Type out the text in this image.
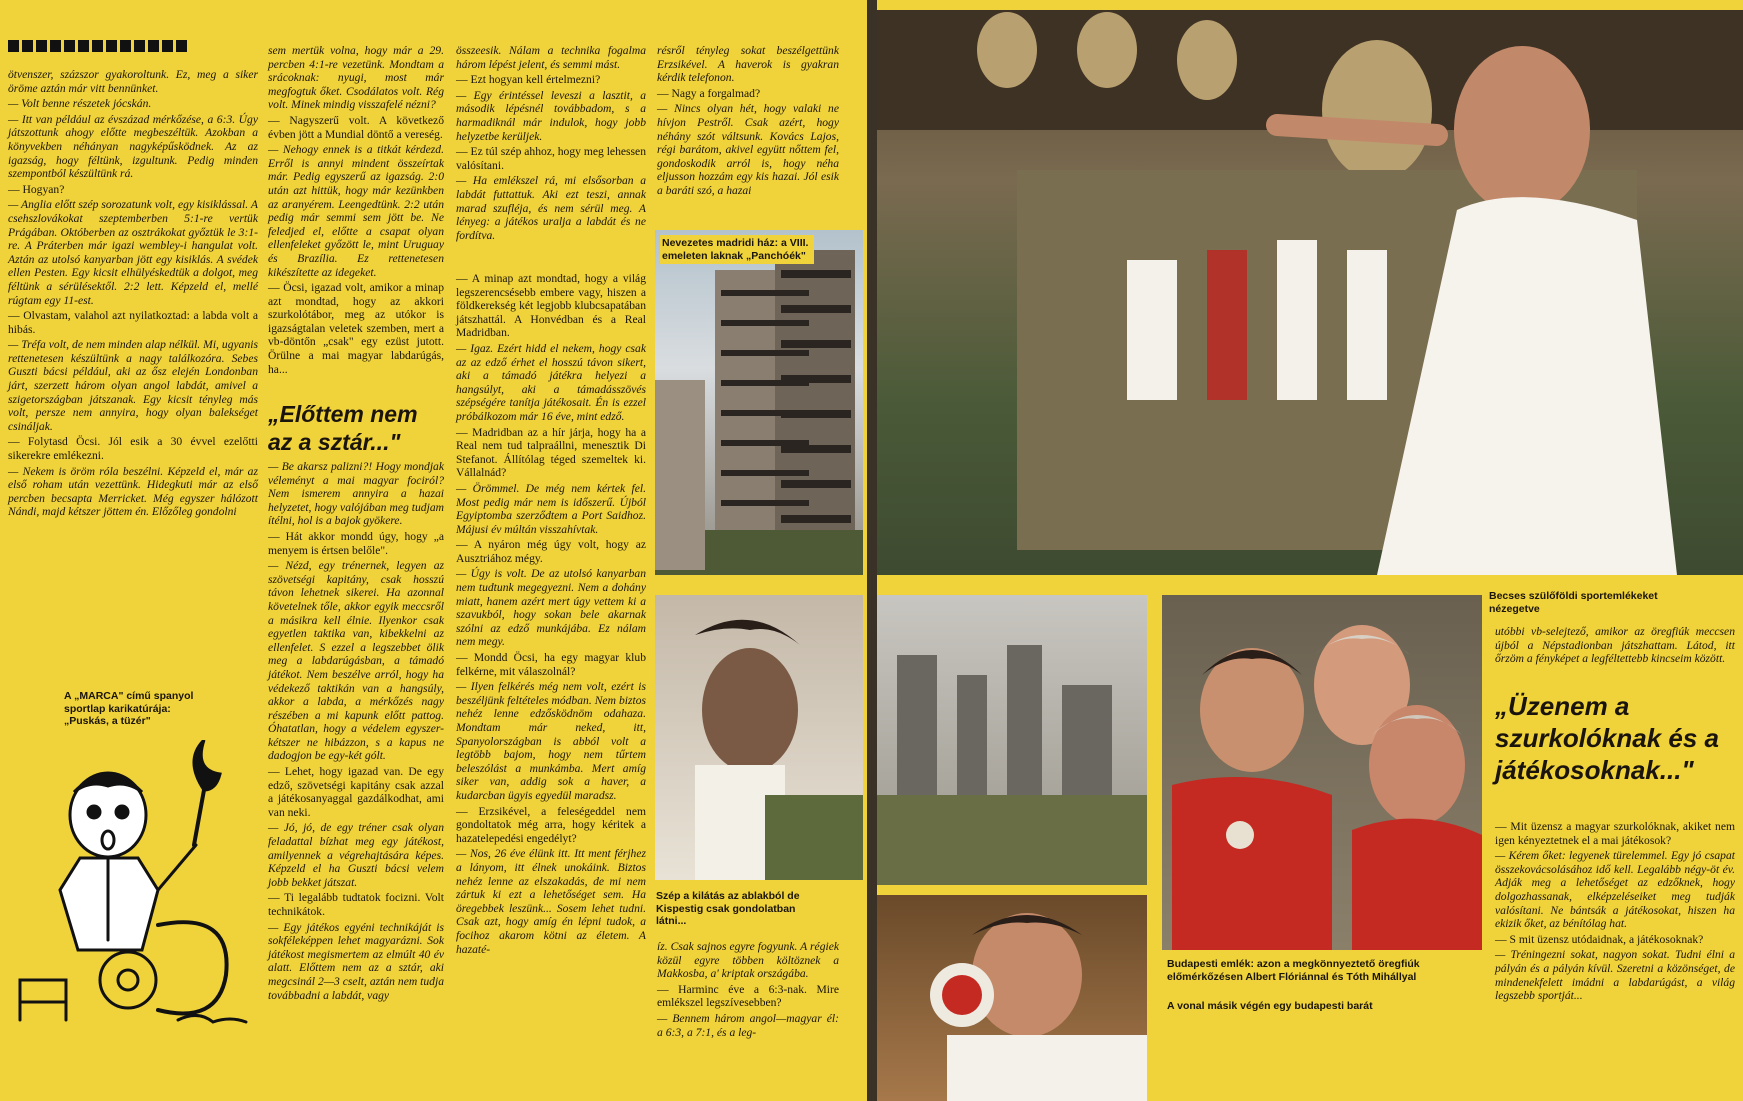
ötvenszer, százszor gyakoroltunk. Ez, meg a siker öröme aztán már vitt bennünket.

— Volt benne részetek jócskán.

— Itt van például az évszázad mérkőzése, a 6:3. Úgy játszottunk ahogy előtte megbeszéltük. Azokban a könyvekben néhányan nagyképűsködnek. Az az igazság, hogy féltünk, izgultunk. Pedig minden szempontból készültünk rá.

— Hogyan?

— Anglia előtt szép sorozatunk volt, egy kisiklással. A csehszlovákokat szeptemberben 5:1-re vertük Prágában. Októberben az osztrákokat győztük le 3:1-re. A Práterben már igazi wembley-i hangulat volt. Aztán az utolsó kanyarban jött egy kisiklás. A svédek ellen Pesten. Egy kicsit elhülyéskedtük a dolgot, meg féltünk a sérülésektől. 2:2 lett. Képzeld el, mellé rúgtam egy 11-est.

— Olvastam, valahol azt nyilatkoztad: a labda volt a hibás.

— Tréfa volt, de nem minden alap nélkül. Mi, ugyanis rettenetesen készültünk a nagy találkozóra. Sebes Guszti bácsi például, aki az ősz elején Londonban járt, szerzett három olyan angol labdát, amivel a szigetországban játszanak. Egy kicsit tényleg más volt, persze nem annyira, hogy olyan balekséget csináljak.

— Folytasd Öcsi. Jól esik a 30 évvel ezelőtti sikerekre emlékezni.

— Nekem is öröm róla beszélni. Képzeld el, már az első roham után vezettünk. Hidegkuti már az első percben becsapta Merricket. Még egyszer hálózott Nándi, majd kétszer jöttem én. Előzőleg gondolni

A „MARCA" című spanyol sportlap karikatúrája: „Puskás, a tüzér"

sem mertük volna, hogy már a 29. percben 4:1-re vezetünk. Mondtam a srácoknak: nyugi, most már megfogtuk őket. Csodálatos volt. Rég volt. Minek mindig visszafelé nézni?

— Nagyszerű volt. A következő évben jött a Mundial döntő a vereség.

— Nehogy ennek is a titkát kérdezd. Erről is annyi mindent összeírtak már. Pedig egyszerű az igazság. 2:0 után azt hittük, hogy már kezünkben az aranyérem. Leengedtünk. 2:2 után pedig már semmi sem jött be. Ne feledjed el, előtte a csapat olyan ellenfeleket győzött le, mint Uruguay és Brazília. Ez rettenetesen kikészítette az idegeket.

— Öcsi, igazad volt, amikor a minap azt mondtad, hogy az akkori szurkolótábor, meg az utókor is igazságtalan veletek szemben, mert a vb-döntőn „csak" egy ezüst jutott. Örülne a mai magyar labdarúgás, ha...

„Előttem nem az a sztár..."

— Be akarsz palizni?! Hogy mondjak véleményt a mai magyar fociról? Nem ismerem annyira a hazai helyzetet, hogy valójában meg tudjam ítélni, hol is a bajok gyökere.

— Hát akkor mondd úgy, hogy „a menyem is értsen belőle".

— Nézd, egy trénernek, legyen az szövetségi kapitány, csak hosszú távon lehetnek sikerei. Ha azonnal követelnek tőle, akkor egyik meccsről a másikra kell élnie. Ilyenkor csak egyetlen taktika van, kibekkelni az ellenfelet. S ezzel a legszebbet ölik meg a labdarúgásban, a támadó játékot. Nem beszélve arról, hogy ha védekező taktikán van a hangsúly, akkor a labda, a mérkőzés nagy részében a mi kapunk előtt pattog. Óhatatlan, hogy a védelem egyszer-kétszer ne hibázzon, s a kapus ne dadogjon be egy-két gólt.

— Lehet, hogy igazad van. De egy edző, szövetségi kapitány csak azzal a játékosanyaggal gazdálkodhat, ami van neki.

— Jó, jó, de egy tréner csak olyan feladattal bízhat meg egy játékost, amilyennek a végrehajtására képes. Képzeld el ha Guszti bácsi velem jobb bekket játszat.

— Ti legalább tudtatok focizni. Volt technikátok.

— Egy játékos egyéni technikáját is sokféleképpen lehet magyarázni. Sok játékost megismertem az elmúlt 40 év alatt. Előttem nem az a sztár, aki megcsinál 2—3 cselt, aztán nem tudja továbbadni a labdát, vagy

összeesik. Nálam a technika fogalma három lépést jelent, és semmi mást.

— Ezt hogyan kell értelmezni?

— Egy érintéssel leveszi a lasztit, a második lépésnél továbbadom, s a harmadiknál már indulok, hogy jobb helyzetbe kerüljek.

— Ez túl szép ahhoz, hogy meg lehessen valósítani.

— Ha emlékszel rá, mi elsősorban a labdát futtattuk. Aki ezt teszi, annak marad szufléja, és nem sérül meg. A lényeg: a játékos uralja a labdát és ne fordítva.

— A minap azt mondtad, hogy a világ legszerencsésebb embere vagy, hiszen a földkerekség két legjobb klubcsapatában játszhattál. A Honvédban és a Real Madridban.

— Igaz. Ezért hidd el nekem, hogy csak az az edző érhet el hosszú távon sikert, aki a támadó játékra helyezi a hangsúlyt, aki a támadásszövés szépségére tanítja játékosait. Én is ezzel próbálkozom már 16 éve, mint edző.

— Madridban az a hír járja, hogy ha a Real nem tud talpraállni, menesztik Di Stefanot. Állítólag téged szemeltek ki. Vállalnád?

— Örömmel. De még nem kértek fel. Most pedig már nem is időszerű. Újból Egyiptomba szerződtem a Port Saidhoz. Májusi év múltán visszahívtak.

— A nyáron még úgy volt, hogy az Ausztriához mégy.

— Úgy is volt. De az utolsó kanyarban nem tudtunk megegyezni. Nem a dohány miatt, hanem azért mert úgy vettem ki a szavukból, hogy sokan bele akarnak szólni az edző munkájába. Ez nálam nem megy.

— Mondd Öcsi, ha egy magyar klub felkérne, mit válaszolnál?

— Ilyen felkérés még nem volt, ezért is beszéljünk feltételes módban. Nem biztos nehéz lenne edzősködnöm odahaza. Mondtam már neked, itt, Spanyolországban is abból volt a legtöbb bajom, hogy nem tűrtem beleszólást a munkámba. Mert amíg siker van, addig sok a haver, a kudarcban ügyis egyedül maradsz.

— Erzsikével, a feleségeddel nem gondoltatok még arra, hogy kéritek a hazatelepedési engedélyt?

— Nos, 26 éve élünk itt. Itt ment férjhez a lányom, itt élnek unokáink. Biztos nehéz lenne az elszakadás, de mi nem zártuk ki ezt a lehetőséget sem. Ha öregebbek leszünk... Sosem lehet tudni. Csak azt, hogy amíg én lépni tudok, a focihoz akarom kötni az életem. A hazaté-

résről tényleg sokat beszélgettünk Erzsikével. A haverok is gyakran kérdik telefonon.

— Nagy a forgalmad?

— Nincs olyan hét, hogy valaki ne hívjon Pestről. Csak azért, hogy néhány szót váltsunk. Kovács Lajos, régi barátom, akivel együtt nőttem fel, gondoskodik arról is, hogy néha eljusson hozzám egy kis hazai. Jól esik a baráti szó, a hazai

Nevezetes madridi ház: a VIII. emeleten laknak „Panchóék"
Szép a kilátás az ablakból de Kispestig csak gondolatban látni...

íz. Csak sajnos egyre fogyunk. A régiek közül egyre többen költöznek a Makkosba, a' kriptak országába.

— Harminc éve a 6:3-nak. Mire emlékszel legszívesebben?

— Bennem három angol—magyar él: a 6:3, a 7:1, és a leg-

Becses szülőföldi sportemlékeket nézegetve
Budapesti emlék: azon a megkönnyeztető öregfiúk előmérkőzésen Albert Flóriánnal és Tóth Mihállyal
A vonal másik végén egy budapesti barát

utóbbi vb-selejtező, amikor az öregfiúk meccsen újból a Népstadionban játszhattam. Látod, itt őrzöm a fényképet a legféltettebb kincseim között.

„Üzenem a szurkolóknak és a játékosoknak..."

— Mit üzensz a magyar szurkolóknak, akiket nem igen kényeztetnek el a mai játékosok?

— Kérem őket: legyenek türelemmel. Egy jó csapat összekovácsolásához idő kell. Legalább négy-öt év. Adják meg a lehetőséget az edzőknek, hogy dolgozhassanak, elképzeléseiket meg tudják valósítani. Ne bántsák a játékosokat, hiszen ha ekizik őket, az bénítólag hat.

— S mit üzensz utódaidnak, a játékosoknak?

— Tréningezni sokat, nagyon sokat. Tudni élni a pályán és a pályán kívül. Szeretni a közönséget, de mindenekfelett imádni a labdarúgást, a világ legszebb sportját...
